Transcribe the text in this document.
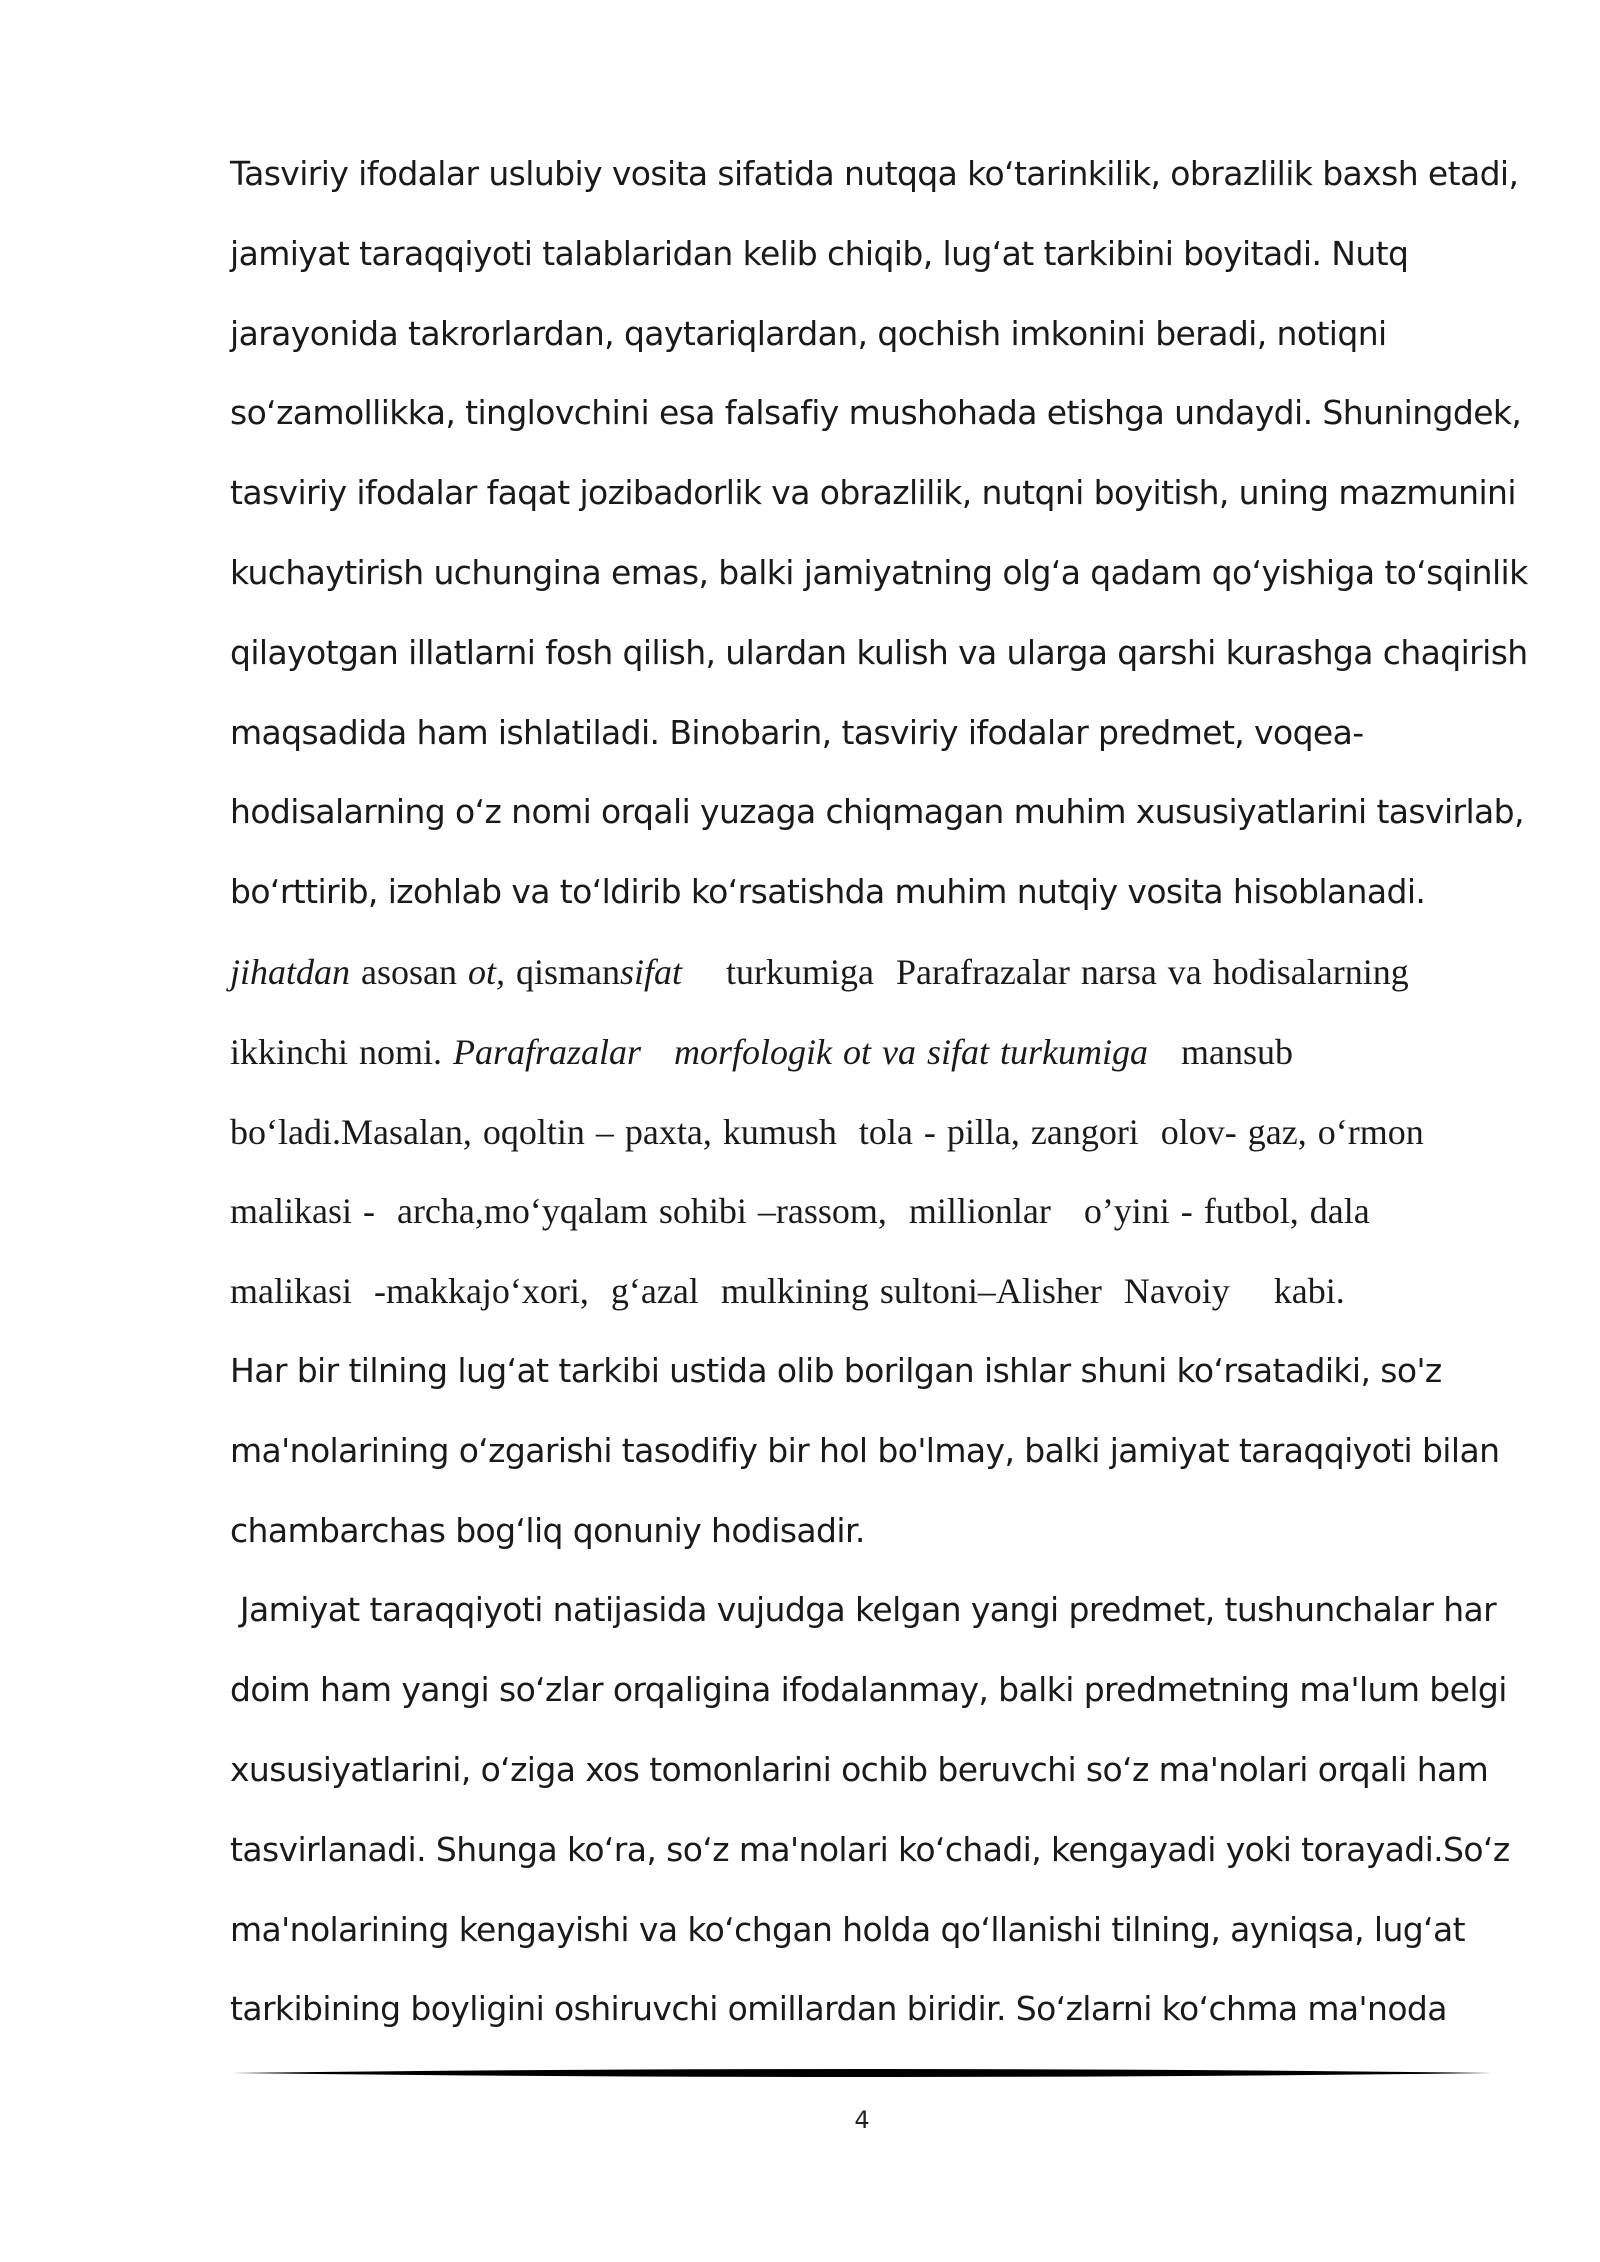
Tasviriy ifodalar uslubiy vosita sifatida nutqqa koʻtarinkilik, obrazlilik baxsh etadi,
jamiyat taraqqiyoti talablaridan kelib chiqib, lugʻat tarkibini boyitadi. Nutq
jarayonida takrorlardan, qaytariqlardan, qochish imkonini beradi, notiqni
soʻzamollikka, tinglovchini esa falsafiy mushohada etishga undaydi. Shuningdek,
tasviriy ifodalar faqat jozibadorlik va obrazlilik, nutqni boyitish, uning mazmunini
kuchaytirish uchungina emas, balki jamiyatning olgʻa qadam qoʻyishiga toʻsqinlik
qilayotgan illatlarni fosh qilish, ulardan kulish va ularga qarshi kurashga chaqirish
maqsadida ham ishlatiladi. Binobarin, tasviriy ifodalar predmet, voqea-
hodisalarning oʻz nomi orqali yuzaga chiqmagan muhim xususiyatlarini tasvirlab,
boʻrttirib, izohlab va toʻldirib koʻrsatishda muhim nutqiy vosita hisoblanadi.
jihatdan asosan ot, qismansifat    turkumiga  Parafrazalar narsa va hodisalarning
ikkinchi nomi. Parafrazalar   morfologik ot va sifat turkumiga   mansub
boʻladi.Masalan, oqoltin – paxta, kumush  tola - pilla, zangori  olov- gaz, oʻrmon
malikasi -  archa,moʻyqalam sohibi –rassom,  millionlar   o’yini - futbol, dala
malikasi  -makkajoʻxori,  gʻazal  mulkining sultoni–Alisher  Navoiy    kabi.
Har bir tilning lugʻat tarkibi ustida olib borilgan ishlar shuni koʻrsatadiki, so'z
ma'nolarining oʻzgarishi tasodifiy bir hol bo'lmay, balki jamiyat taraqqiyoti bilan
chambarchas bogʻliq qonuniy hodisadir.
Jamiyat taraqqiyoti natijasida vujudga kelgan yangi predmet, tushunchalar har
doim ham yangi soʻzlar orqaligina ifodalanmay, balki predmetning ma'lum belgi
xususiyatlarini, oʻziga xos tomonlarini ochib beruvchi soʻz ma'nolari orqali ham
tasvirlanadi. Shunga koʻra, soʻz ma'nolari koʻchadi, kengayadi yoki torayadi.Soʻz
ma'nolarining kengayishi va koʻchgan holda qoʻllanishi tilning, ayniqsa, lugʻat
tarkibining boyligini oshiruvchi omillardan biridir. Soʻzlarni koʻchma ma'noda
4
